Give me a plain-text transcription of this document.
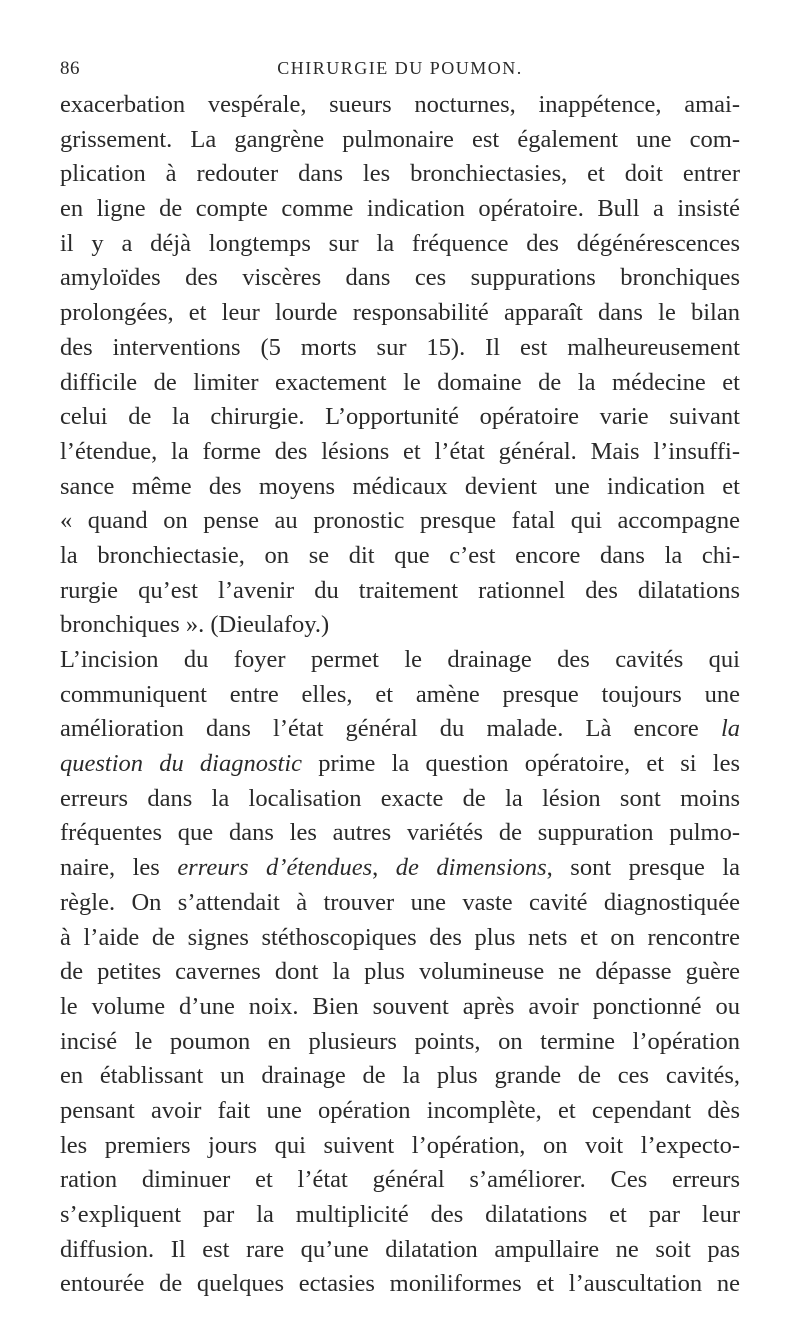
86	CHIRURGIE DU POUMON.
exacerbation vespérale, sueurs nocturnes, inappétence, amai-
grissement. La gangrène pulmonaire est également une com-
plication à redouter dans les bronchiectasies, et doit entrer
en ligne de compte comme indication opératoire. Bull a insisté
il y a déjà longtemps sur la fréquence des dégénérescences
amyloïdes des viscères dans ces suppurations bronchiques
prolongées, et leur lourde responsabilité apparaît dans le bilan
des interventions (5 morts sur 15). Il est malheureusement
difficile de limiter exactement le domaine de la médecine et
celui de la chirurgie. L’opportunité opératoire varie suivant
l’étendue, la forme des lésions et l’état général. Mais l’insuffi-
sance même des moyens médicaux devient une indication et
« quand on pense au pronostic presque fatal qui accompagne
la bronchiectasie, on se dit que c’est encore dans la chi-
rurgie qu’est l’avenir du traitement rationnel des dilatations
bronchiques ». (Dieulafoy.)
L’incision du foyer permet le drainage des cavités qui
communiquent entre elles, et amène presque toujours une
amélioration dans l’état général du malade. Là encore la
question du diagnostic prime la question opératoire, et si les
erreurs dans la localisation exacte de la lésion sont moins
fréquentes que dans les autres variétés de suppuration pulmo-
naire, les erreurs d’étendues, de dimensions, sont presque la
règle. On s’attendait à trouver une vaste cavité diagnostiquée
à l’aide de signes stéthoscopiques des plus nets et on rencontre
de petites cavernes dont la plus volumineuse ne dépasse guère
le volume d’une noix. Bien souvent après avoir ponctionné ou
incisé le poumon en plusieurs points, on termine l’opération
en établissant un drainage de la plus grande de ces cavités,
pensant avoir fait une opération incomplète, et cependant dès
les premiers jours qui suivent l’opération, on voit l’expecto-
ration diminuer et l’état général s’améliorer. Ces erreurs
s’expliquent par la multiplicité des dilatations et par leur
diffusion. Il est rare qu’une dilatation ampullaire ne soit pas
entourée de quelques ectasies moniliformes et l’auscultation ne
